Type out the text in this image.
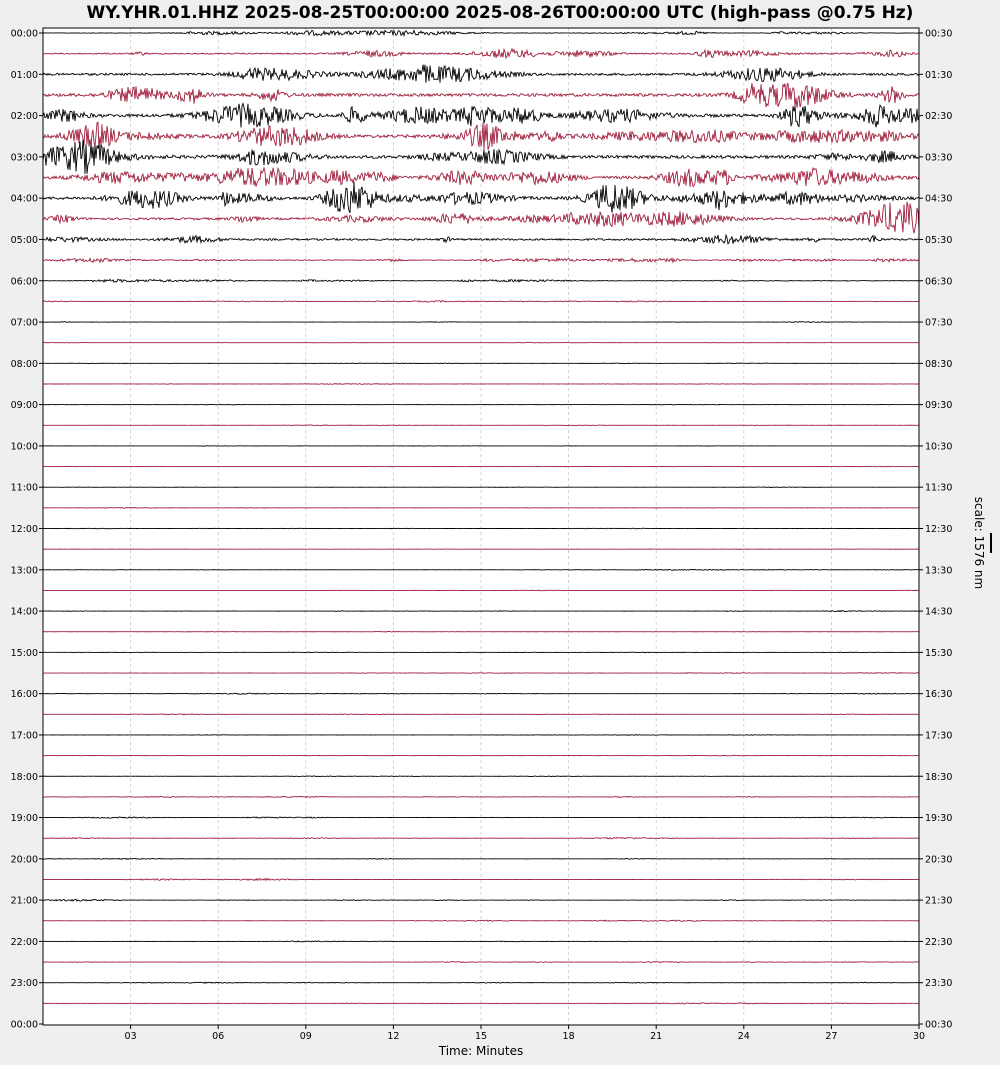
WY.YHR.01.HHZ 2025-08-25T00:00:00 2025-08-26T00:00:00 UTC (high-pass @0.75 Hz)
00:00
01:00
02:00
03:00
04:00
05:00
06:00
07:00
08:00
09:00
10:00
11:00
12:00
13:00
14:00
15:00
16:00
17:00
18:00
19:00
20:00
21:00
22:00
23:00
00:00
00:30
01:30
02:30
03:30
04:30
05:30
06:30
07:30
08:30
09:30
10:30
11:30
12:30
13:30
14:30
15:30
16:30
17:30
18:30
19:30
20:30
21:30
22:30
23:30
00:30
03	06	09	12	15	18	21	24	27	30
Time: Minutes
scale: 1576 nm
